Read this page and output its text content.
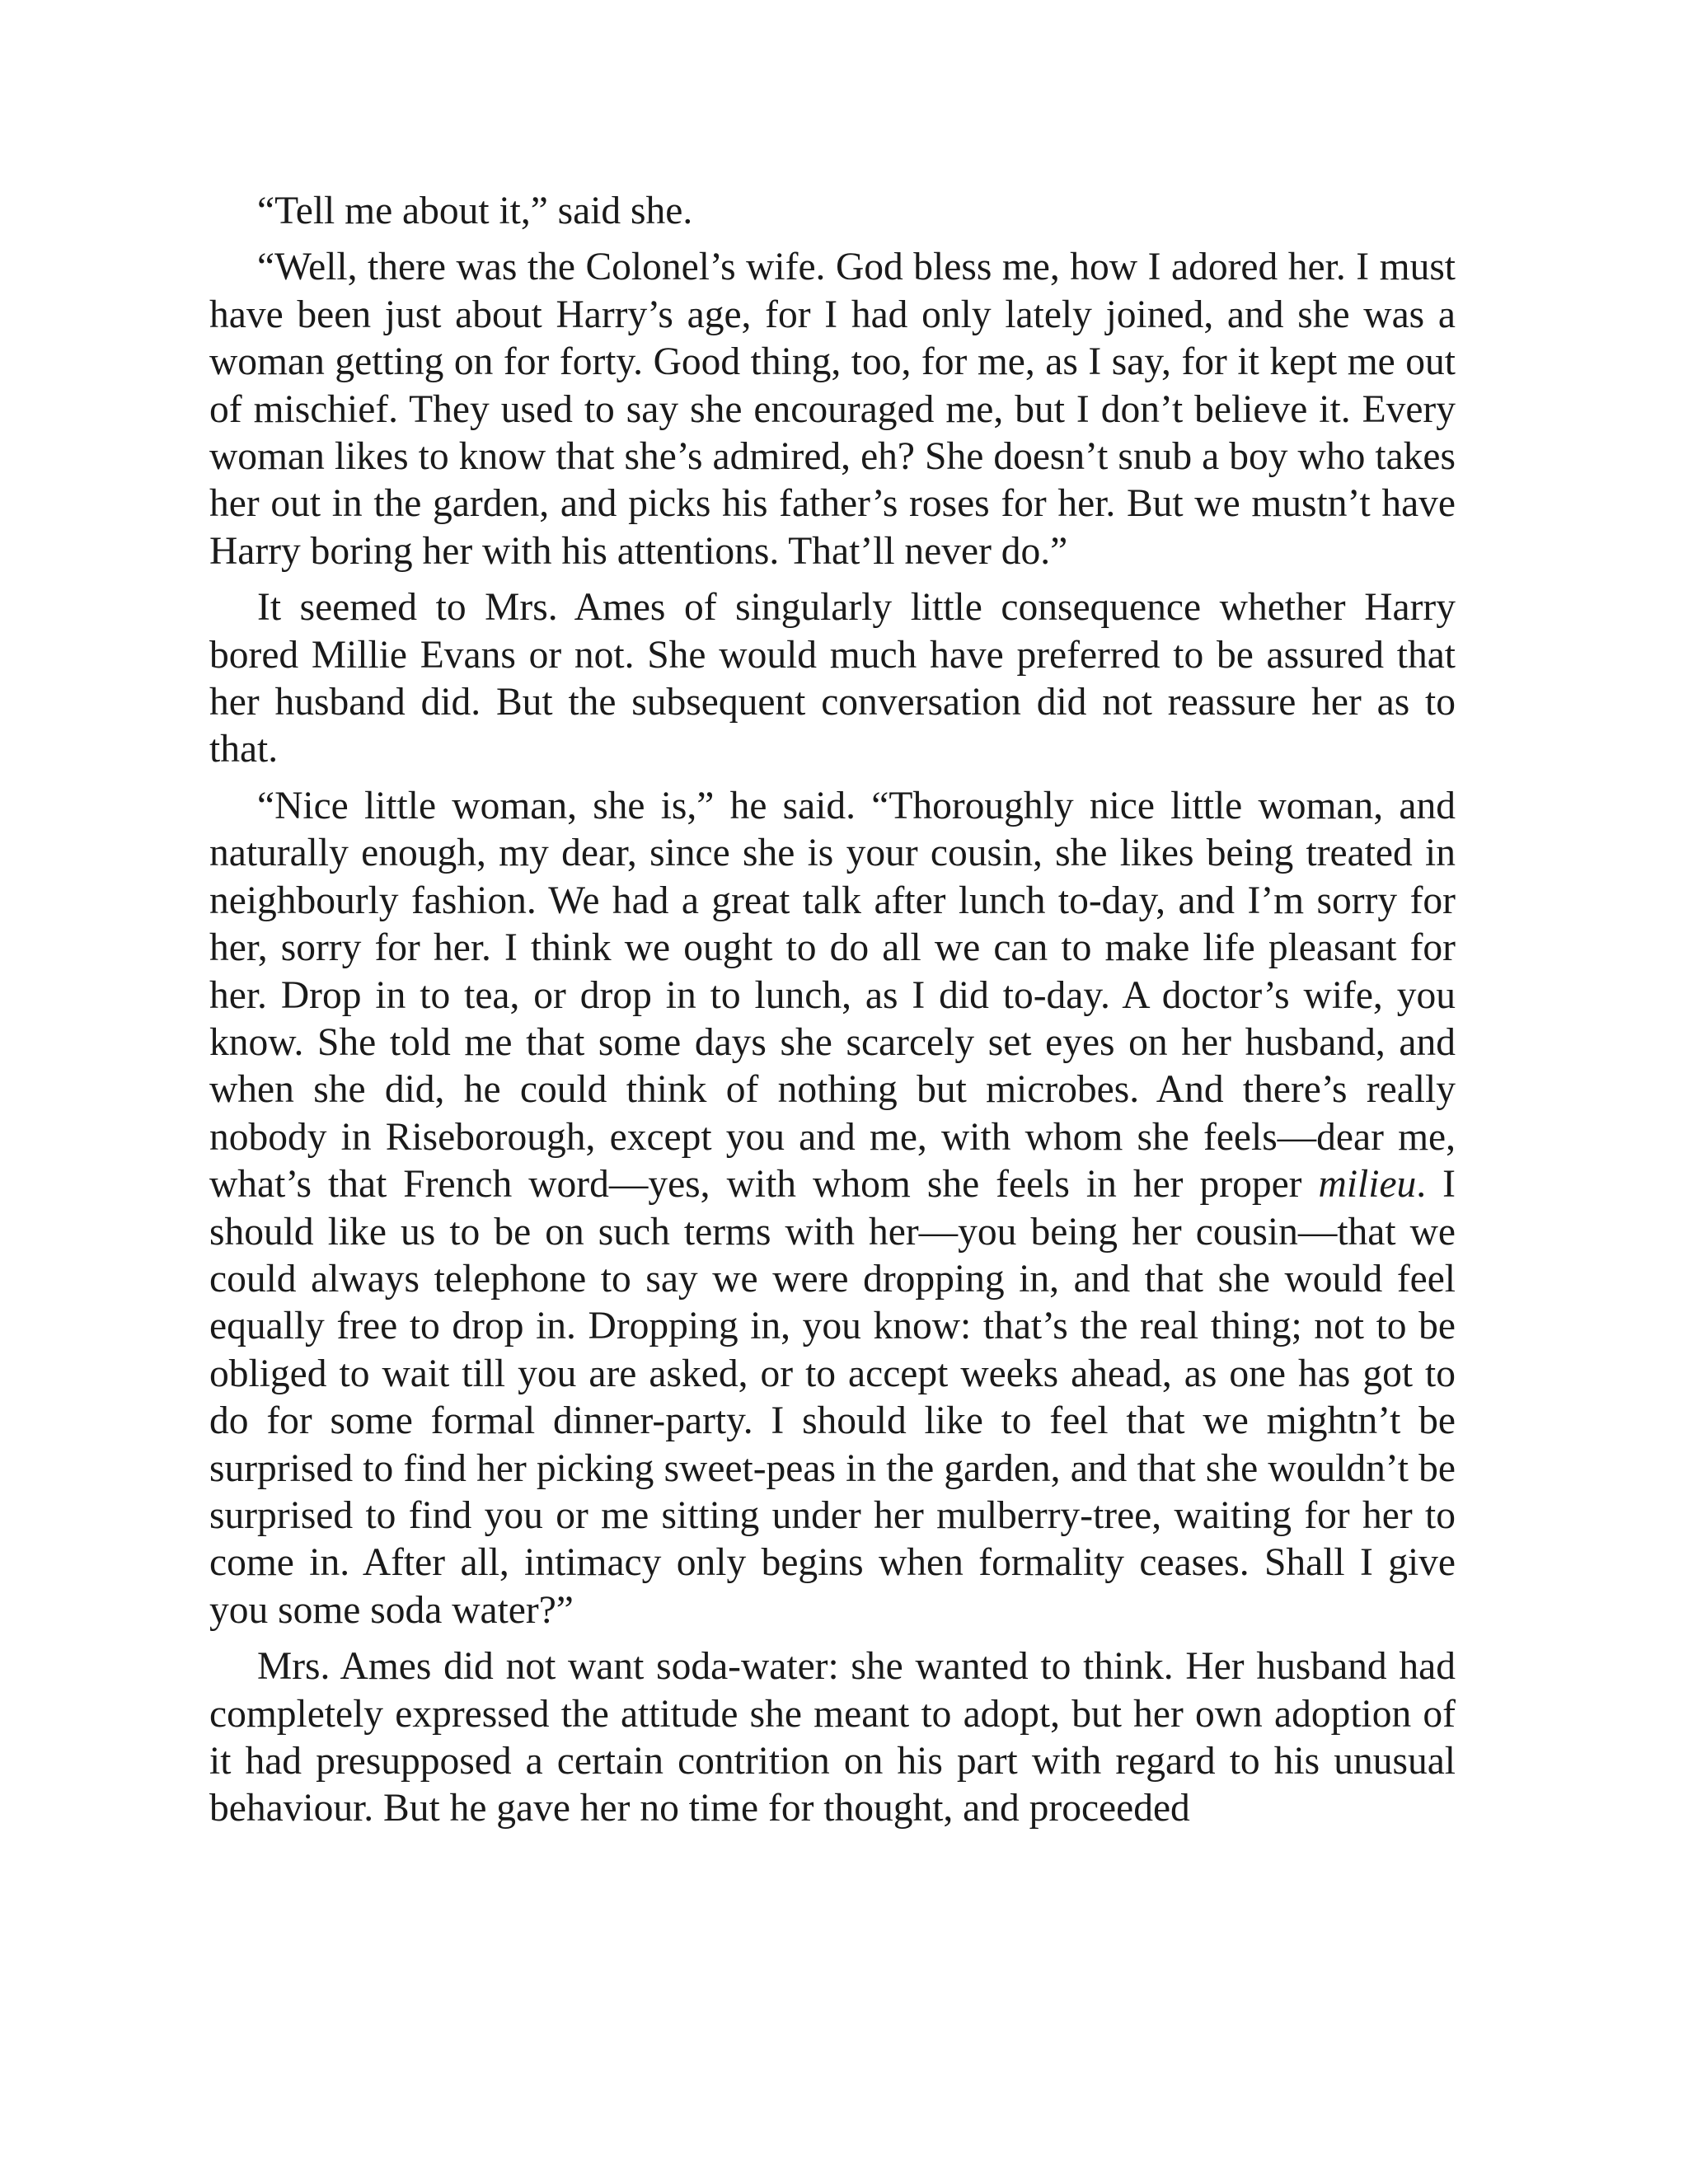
“Tell me about it,” said she.

“Well, there was the Colonel’s wife. God bless me, how I adored her. I must have been just about Harry’s age, for I had only lately joined, and she was a woman getting on for forty. Good thing, too, for me, as I say, for it kept me out of mischief. They used to say she encouraged me, but I don’t believe it. Every woman likes to know that she’s admired, eh? She doesn’t snub a boy who takes her out in the garden, and picks his father’s roses for her. But we mustn’t have Harry boring her with his attentions. That’ll never do.”

It seemed to Mrs. Ames of singularly little consequence whether Harry bored Millie Evans or not. She would much have preferred to be assured that her husband did. But the subsequent conversation did not reassure her as to that.

“Nice little woman, she is,” he said. “Thoroughly nice little woman, and naturally enough, my dear, since she is your cousin, she likes being treated in neighbourly fashion. We had a great talk after lunch to-day, and I’m sorry for her, sorry for her. I think we ought to do all we can to make life pleasant for her. Drop in to tea, or drop in to lunch, as I did to-day. A doctor’s wife, you know. She told me that some days she scarcely set eyes on her husband, and when she did, he could think of nothing but microbes. And there’s really nobody in Riseborough, except you and me, with whom she feels—dear me, what’s that French word—yes, with whom she feels in her proper milieu. I should like us to be on such terms with her—you being her cousin—that we could always telephone to say we were dropping in, and that she would feel equally free to drop in. Dropping in, you know: that’s the real thing; not to be obliged to wait till you are asked, or to accept weeks ahead, as one has got to do for some formal dinner-party. I should like to feel that we mightn’t be surprised to find her picking sweet-peas in the garden, and that she wouldn’t be surprised to find you or me sitting under her mulberry-tree, waiting for her to come in. After all, intimacy only begins when formality ceases. Shall I give you some soda water?”

Mrs. Ames did not want soda-water: she wanted to think. Her husband had completely expressed the attitude she meant to adopt, but her own adoption of it had presupposed a certain contrition on his part with regard to his unusual behaviour. But he gave her no time for thought, and proceeded
